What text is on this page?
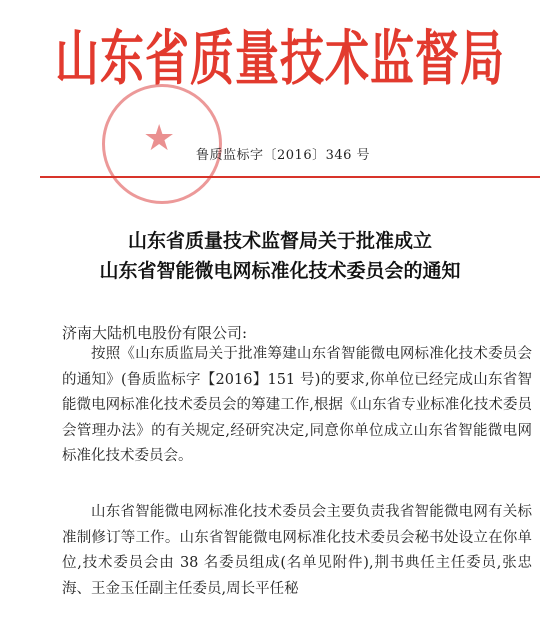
山东省质量技术监督局
★ 鲁质监标字〔2016〕346 号
山东省质量技术监督局关于批准成立
山东省智能微电网标准化技术委员会的通知
济南大陆机电股份有限公司:

按照《山东质监局关于批准筹建山东省智能微电网标准化技术委员会的通知》(鲁质监标字【2016】151 号)的要求,你单位已经完成山东省智能微电网标准化技术委员会的筹建工作,根据《山东省专业标准化技术委员会管理办法》的有关规定,经研究决定,同意你单位成立山东省智能微电网标准化技术委员会。

山东省智能微电网标准化技术委员会主要负责我省智能微电网有关标准制修订等工作。山东省智能微电网标准化技术委员会秘书处设立在你单位,技术委员会由 38 名委员组成(名单见附件),荆书典任主任委员,张忠海、王金玉任副主任委员,周长平任秘
